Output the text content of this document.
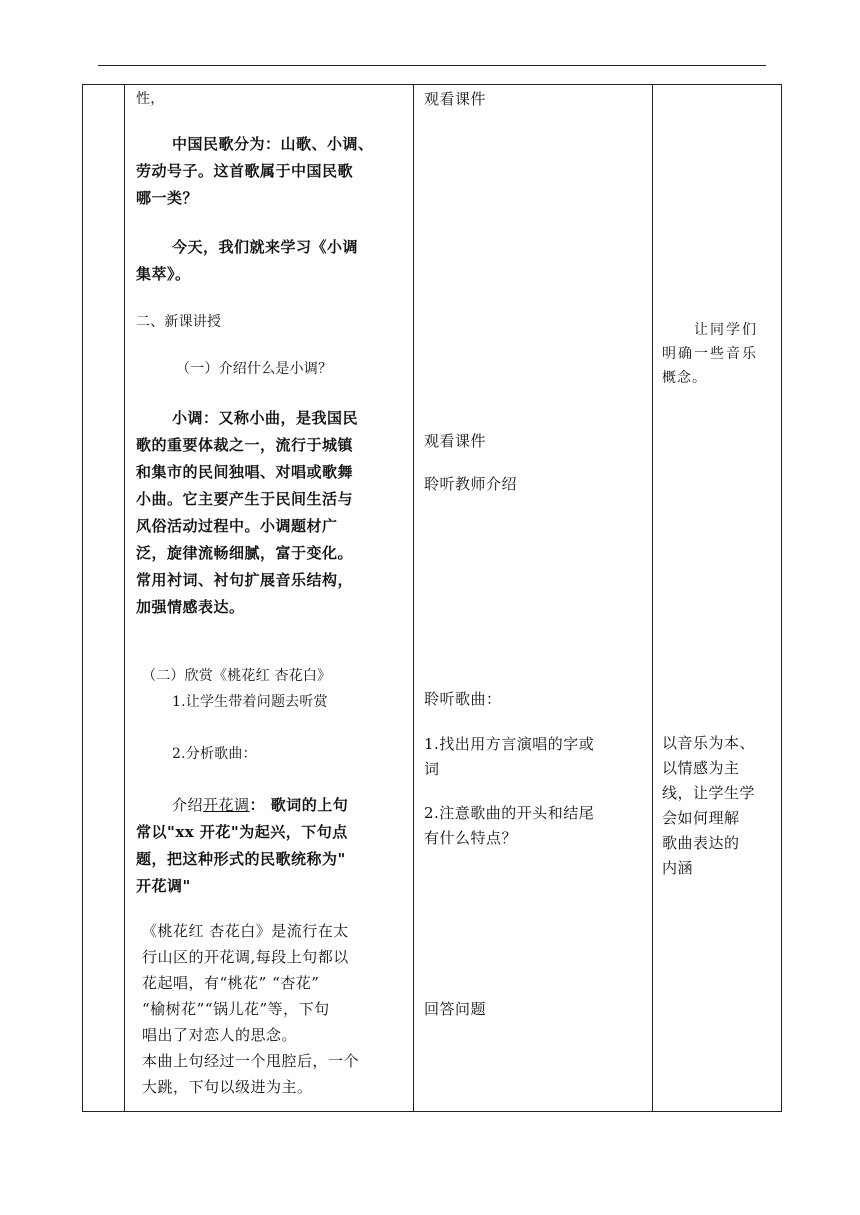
性，

中国民歌分为：山歌、小调、

劳动号子。这首歌属于中国民歌

哪一类？

今天，我们就来学习《小调

集萃》。

二、新课讲授

（一）介绍什么是小调？

小调：又称小曲，是我国民

歌的重要体裁之一，流行于城镇

和集市的民间独唱、对唱或歌舞

小曲。它主要产生于民间生活与

风俗活动过程中。小调题材广

泛，旋律流畅细腻，富于变化。

常用衬词、衬句扩展音乐结构，

加强情感表达。

（二）欣赏《桃花红 杏花白》

1.让学生带着问题去听赏

2.分析歌曲：

介绍开花调： 歌词的上句

常以"xx 开花"为起兴，下句点

题，把这种形式的民歌统称为"

开花调"

《桃花红 杏花白》是流行在太

行山区的开花调,每段上句都以

花起唱，有“桃花” “杏花”

“榆树花”“锅儿花”等，下句

唱出了对恋人的思念。

本曲上句经过一个甩腔后，一个

大跳，下句以级进为主。

观看课件

观看课件

聆听教师介绍

聆听歌曲：

1.找出用方言演唱的字或

词

2.注意歌曲的开头和结尾

有什么特点？

回答问题

让同学们

明确一些音乐

概念。

以音乐为本、

以情感为主

线，让学生学

会如何理解

歌曲表达的

内涵
